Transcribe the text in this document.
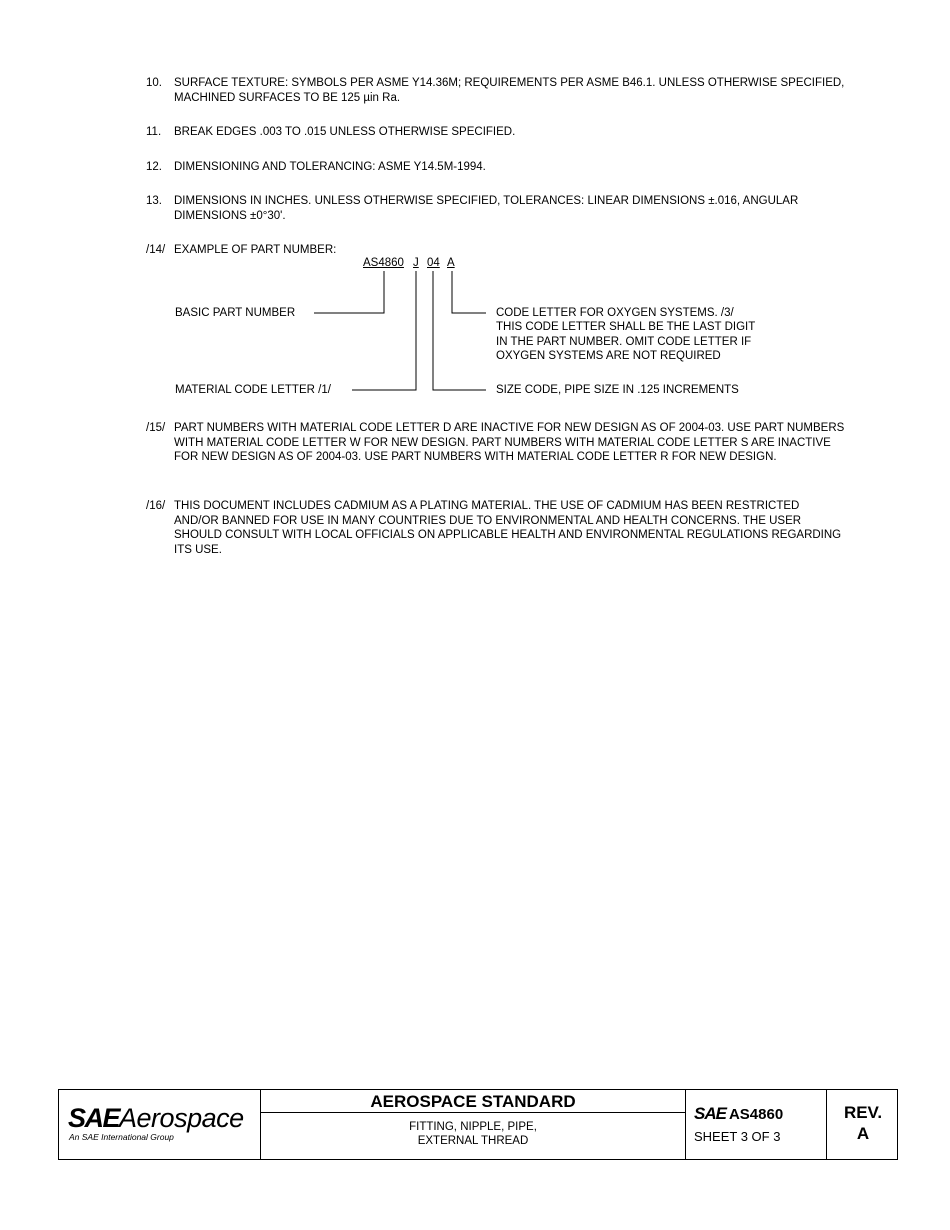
10. SURFACE TEXTURE: SYMBOLS PER ASME Y14.36M; REQUIREMENTS PER ASME B46.1. UNLESS OTHERWISE SPECIFIED, MACHINED SURFACES TO BE 125 µin Ra.
11. BREAK EDGES .003 TO .015 UNLESS OTHERWISE SPECIFIED.
12. DIMENSIONING AND TOLERANCING: ASME Y14.5M-1994.
13. DIMENSIONS IN INCHES. UNLESS OTHERWISE SPECIFIED, TOLERANCES: LINEAR DIMENSIONS ±.016, ANGULAR DIMENSIONS ±0°30'.
/14/ EXAMPLE OF PART NUMBER:
AS4860 J 04 A
BASIC PART NUMBER
MATERIAL CODE LETTER /1/
CODE LETTER FOR OXYGEN SYSTEMS. /3/
THIS CODE LETTER SHALL BE THE LAST DIGIT
IN THE PART NUMBER. OMIT CODE LETTER IF
OXYGEN SYSTEMS ARE NOT REQUIRED
SIZE CODE, PIPE SIZE IN .125 INCREMENTS
/15/ PART NUMBERS WITH MATERIAL CODE LETTER D ARE INACTIVE FOR NEW DESIGN AS OF 2004-03. USE PART NUMBERS WITH MATERIAL CODE LETTER W FOR NEW DESIGN. PART NUMBERS WITH MATERIAL CODE LETTER S ARE INACTIVE FOR NEW DESIGN AS OF 2004-03. USE PART NUMBERS WITH MATERIAL CODE LETTER R FOR NEW DESIGN.
/16/ THIS DOCUMENT INCLUDES CADMIUM AS A PLATING MATERIAL. THE USE OF CADMIUM HAS BEEN RESTRICTED AND/OR BANNED FOR USE IN MANY COUNTRIES DUE TO ENVIRONMENTAL AND HEALTH CONCERNS. THE USER SHOULD CONSULT WITH LOCAL OFFICIALS ON APPLICABLE HEALTH AND ENVIRONMENTAL REGULATIONS REGARDING ITS USE.
SAEAerospace
An SAE International Group
AEROSPACE STANDARD
FITTING, NIPPLE, PIPE,
EXTERNAL THREAD
SAE AS4860
SHEET 3 OF 3
REV.
A
